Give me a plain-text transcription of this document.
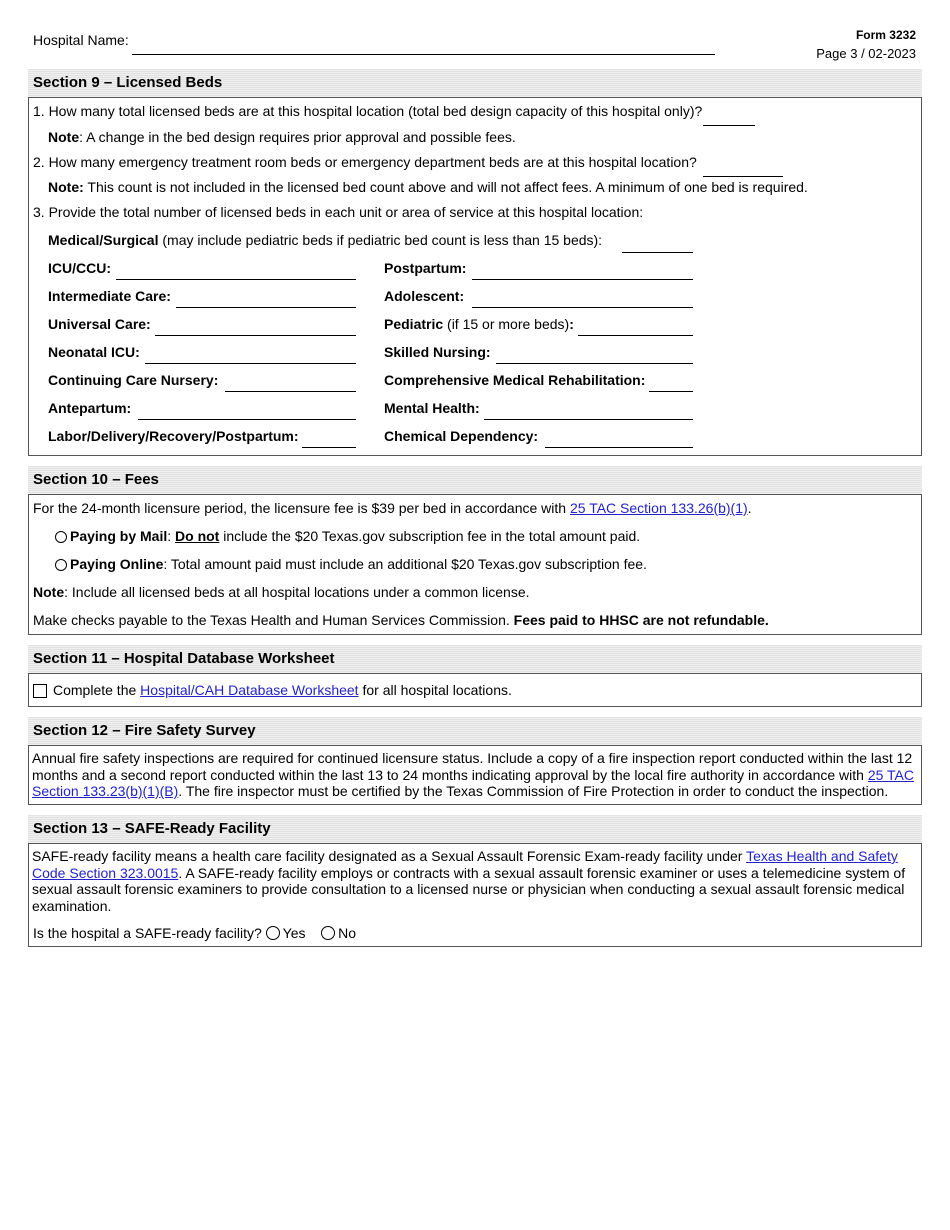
Hospital Name:	Form 3232
Page 3 / 02-2023
Section 9 – Licensed Beds
1. How many total licensed beds are at this hospital location (total bed design capacity of this hospital only)?
Note: A change in the bed design requires prior approval and possible fees.
2. How many emergency treatment room beds or emergency department beds are at this hospital location?
Note: This count is not included in the licensed bed count above and will not affect fees. A minimum of one bed is required.
3. Provide the total number of licensed beds in each unit or area of service at this hospital location:
Medical/Surgical (may include pediatric beds if pediatric bed count is less than 15 beds):
ICU/CCU:
Intermediate Care:
Universal Care:
Neonatal ICU:
Continuing Care Nursery:
Antepartum:
Labor/Delivery/Recovery/Postpartum:
Postpartum:
Adolescent:
Pediatric (if 15 or more beds):
Skilled Nursing:
Comprehensive Medical Rehabilitation:
Mental Health:
Chemical Dependency:
Section 10 – Fees
For the 24-month licensure period, the licensure fee is $39 per bed in accordance with 25 TAC Section 133.26(b)(1).
Paying by Mail: Do not include the $20 Texas.gov subscription fee in the total amount paid.
Paying Online: Total amount paid must include an additional $20 Texas.gov subscription fee.
Note: Include all licensed beds at all hospital locations under a common license.
Make checks payable to the Texas Health and Human Services Commission. Fees paid to HHSC are not refundable.
Section 11 – Hospital Database Worksheet
Complete the Hospital/CAH Database Worksheet for all hospital locations.
Section 12 – Fire Safety Survey
Annual fire safety inspections are required for continued licensure status. Include a copy of a fire inspection report conducted within the last 12 months and a second report conducted within the last 13 to 24 months indicating approval by the local fire authority in accordance with 25 TAC Section 133.23(b)(1)(B). The fire inspector must be certified by the Texas Commission of Fire Protection in order to conduct the inspection.
Section 13 – SAFE-Ready Facility
SAFE-ready facility means a health care facility designated as a Sexual Assault Forensic Exam-ready facility under Texas Health and Safety Code Section 323.0015. A SAFE-ready facility employs or contracts with a sexual assault forensic examiner or uses a telemedicine system of sexual assault forensic examiners to provide consultation to a licensed nurse or physician when conducting a sexual assault forensic medical examination.
Is the hospital a SAFE-ready facility? Yes No
